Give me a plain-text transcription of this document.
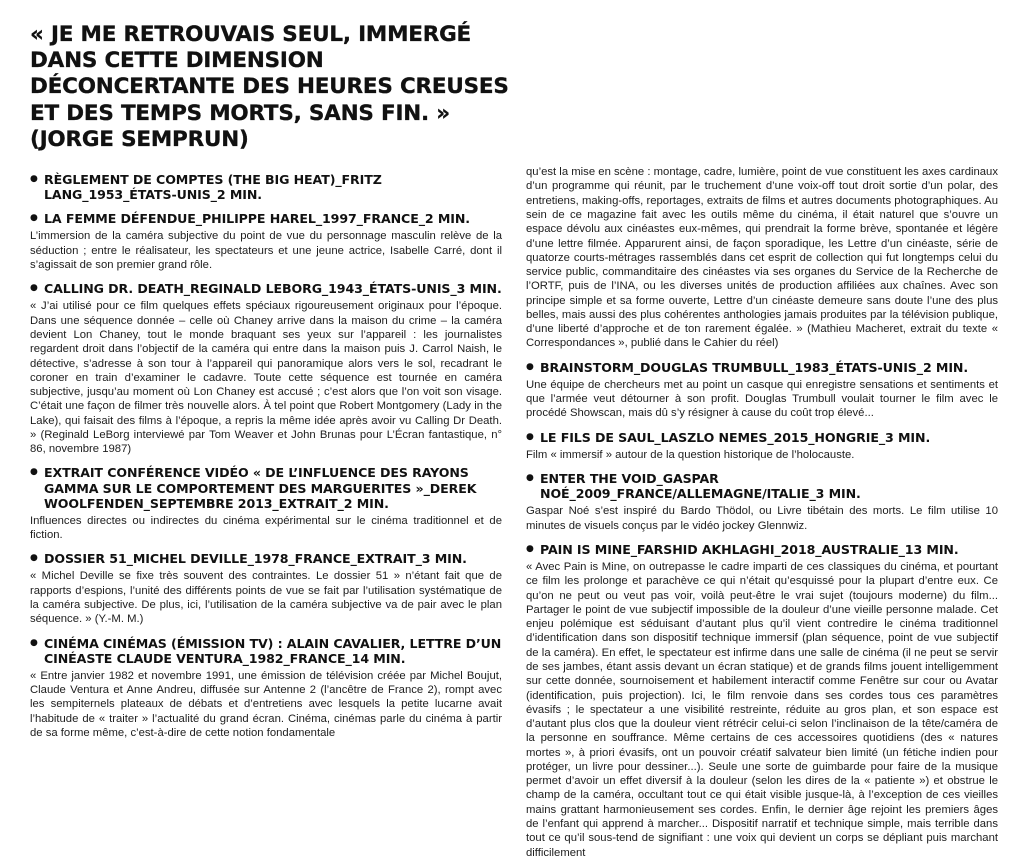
« JE ME RETROUVAIS SEUL, IMMERGÉ DANS CETTE DIMENSION DÉCONCERTANTE DES HEURES CREUSES ET DES TEMPS MORTS, SANS FIN. » (JORGE SEMPRUN)
● RÈGLEMENT DE COMPTES (THE BIG HEAT)_FRITZ LANG_1953_ÉTATS-UNIS_2 MIN.
● LA FEMME DÉFENDUE_PHILIPPE HAREL_1997_FRANCE_2 MIN.

L’immersion de la caméra subjective du point de vue du personnage masculin relève de la séduction ; entre le réalisateur, les spectateurs et une jeune actrice, Isabelle Carré, dont il s’agissait de son premier grand rôle.

● CALLING DR. DEATH_REGINALD LEBORG_1943_ÉTATS-UNIS_3 MIN.

« J’ai utilisé pour ce film quelques effets spéciaux rigoureusement originaux pour l’époque. Dans une séquence donnée – celle où Chaney arrive dans la maison du crime – la caméra devient Lon Chaney, tout le monde braquant ses yeux sur l’appareil : les journalistes regardent droit dans l’objectif de la caméra qui entre dans la maison puis J. Carrol Naish, le détective, s’adresse à son tour à l’appareil qui panoramique alors vers le sol, recadrant le coroner en train d’examiner le cadavre. Toute cette séquence est tournée en caméra subjective, jusqu’au moment où Lon Chaney est accusé ; c’est alors que l’on voit son visage. C’était une façon de filmer très nouvelle alors. À tel point que Robert Montgomery (Lady in the Lake), qui faisait des films à l’époque, a repris la même idée après avoir vu Calling Dr Death. » (Reginald LeBorg interviewé par Tom Weaver et John Brunas pour L’Écran fantastique, n° 86, novembre 1987)

● EXTRAIT CONFÉRENCE VIDÉO « DE L’INFLUENCE DES RAYONS GAMMA SUR LE COMPORTEMENT DES MARGUERITES »_DEREK WOOLFENDEN_SEPTEMBRE 2013_EXTRAIT_2 MIN.

Influences directes ou indirectes du cinéma expérimental sur le cinéma traditionnel et de fiction.

● DOSSIER 51_MICHEL DEVILLE_1978_FRANCE_EXTRAIT_3 MIN.

« Michel Deville se fixe très souvent des contraintes. Le dossier 51 » n’étant fait que de rapports d’espions, l’unité des différents points de vue se fait par l’utilisation systématique de la caméra subjective. De plus, ici, l’utilisation de la caméra subjective va de pair avec le plan séquence. » (Y.-M. M.)

● CINÉMA CINÉMAS (ÉMISSION TV) : ALAIN CAVALIER, LETTRE D’UN CINÉASTE CLAUDE VENTURA_1982_FRANCE_14 MIN.

« Entre janvier 1982 et novembre 1991, une émission de télévision créée par Michel Boujut, Claude Ventura et Anne Andreu, diffusée sur Antenne 2 (l’ancêtre de France 2), rompt avec les sempiternels plateaux de débats et d’entretiens avec lesquels la petite lucarne avait l’habitude de « traiter » l’actualité du grand écran. Cinéma, cinémas parle du cinéma à partir de sa forme même, c’est-à-dire de cette notion fondamentale

qu’est la mise en scène : montage, cadre, lumière, point de vue constituent les axes cardinaux d’un programme qui réunit, par le truchement d’une voix-off tout droit sortie d’un polar, des entretiens, making-offs, reportages, extraits de films et autres documents photographiques. Au sein de ce magazine fait avec les outils même du cinéma, il était naturel que s’ouvre un espace dévolu aux cinéastes eux-mêmes, qui prendrait la forme brève, spontanée et légère d’une lettre filmée. Apparurent ainsi, de façon sporadique, les Lettre d’un cinéaste, série de quatorze courts-métrages rassemblés dans cet esprit de collection qui fut longtemps celui du service public, commanditaire des cinéastes via ses organes du Service de la Recherche de l’ORTF, puis de l’INA, ou les diverses unités de production affiliées aux chaînes. Avec son principe simple et sa forme ouverte, Lettre d’un cinéaste demeure sans doute l’une des plus belles, mais aussi des plus cohérentes anthologies jamais produites par la télévision publique, d’une liberté d’approche et de ton rarement égalée. » (Mathieu Macheret, extrait du texte « Correspondances », publié dans le Cahier du réel)

● BRAINSTORM_DOUGLAS TRUMBULL_1983_ÉTATS-UNIS_2 MIN.

Une équipe de chercheurs met au point un casque qui enregistre sensations et sentiments et que l’armée veut détourner à son profit. Douglas Trumbull voulait tourner le film avec le procédé Showscan, mais dû s’y résigner à cause du coût trop élevé...

● LE FILS DE SAUL_LASZLO NEMES_2015_HONGRIE_3 MIN.

Film « immersif » autour de la question historique de l’holocauste.

● ENTER THE VOID_GASPAR NOÉ_2009_FRANCE/ALLEMAGNE/ITALIE_3 MIN.

Gaspar Noé s’est inspiré du Bardo Thödol, ou Livre tibétain des morts. Le film utilise 10 minutes de visuels conçus par le vidéo jockey Glennwiz.

● PAIN IS MINE_FARSHID AKHLAGHI_2018_AUSTRALIE_13 MIN.

« Avec Pain is Mine, on outrepasse le cadre imparti de ces classiques du cinéma, et pourtant ce film les prolonge et parachève ce qui n’était qu’esquissé pour la plupart d’entre eux. Ce qu’on ne peut ou veut pas voir, voilà peut-être le vrai sujet (toujours moderne) du film... Partager le point de vue subjectif impossible de la douleur d’une vieille personne malade. Cet enjeu polémique est séduisant d’autant plus qu’il vient contredire le cinéma traditionnel d’identification dans son dispositif technique immersif (plan séquence, point de vue subjectif de la caméra). En effet, le spectateur est infirme dans une salle de cinéma (il ne peut se servir de ses jambes, étant assis devant un écran statique) et de grands films jouent intelligemment sur cette donnée, sournoisement et habilement interactif comme Fenêtre sur cour ou Avatar (identification, puis projection). Ici, le film renvoie dans ses cordes tous ces paramètres évasifs ; le spectateur a une visibilité restreinte, réduite au gros plan, et son espace est d’autant plus clos que la douleur vient rétrécir celui-ci selon l’inclinaison de la tête/caméra de la personne en souffrance. Même certains de ces accessoires quotidiens (des « natures mortes », à priori évasifs, ont un pouvoir créatif salvateur bien limité (un fétiche indien pour protéger, un livre pour dessiner...). Seule une sorte de guimbarde pour faire de la musique permet d’avoir un effet diversif à la douleur (selon les dires de la « patiente ») et obstrue le champ de la caméra, occultant tout ce qui était visible jusque-là, à l’exception de ces vieilles mains grattant harmonieusement ses cordes. Enfin, le dernier âge rejoint les premiers âges de l’enfant qui apprend à marcher... Dispositif narratif et technique simple, mais terrible dans tout ce qu’il sous-tend de signifiant : une voix qui devient un corps se dépliant puis marchant difficilement
